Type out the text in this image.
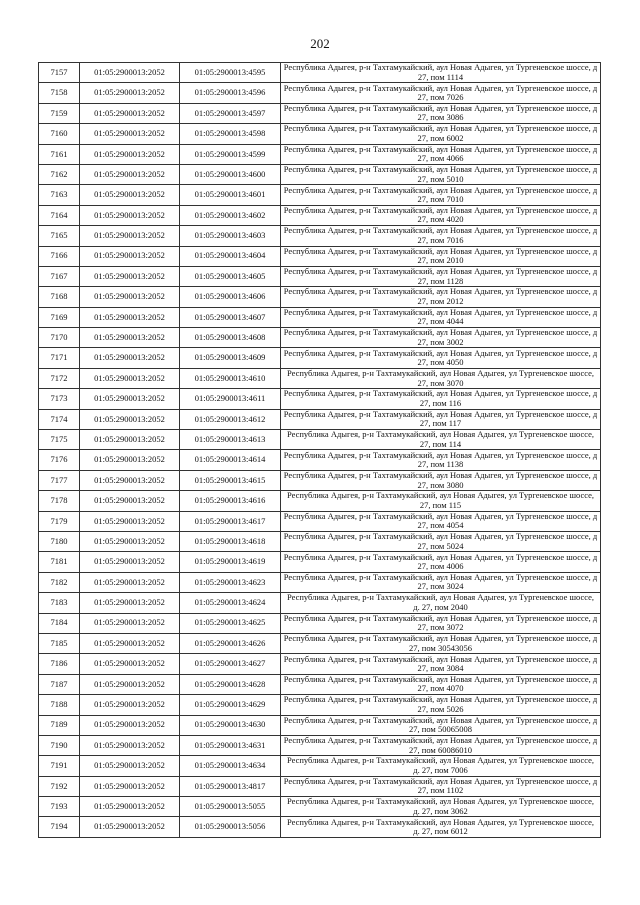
202
7157	01:05:2900013:2052	01:05:2900013:4595	Республика Адыгея, р-н Тахтамукайский, аул Новая Адыгея, ул Тургеневское шоссе, д 27, пом 1114
7158	01:05:2900013:2052	01:05:2900013:4596	Республика Адыгея, р-н Тахтамукайский, аул Новая Адыгея, ул Тургеневское шоссе, д 27, пом 7026
7159	01:05:2900013:2052	01:05:2900013:4597	Республика Адыгея, р-н Тахтамукайский, аул Новая Адыгея, ул Тургеневское шоссе, д 27, пом 3086
7160	01:05:2900013:2052	01:05:2900013:4598	Республика Адыгея, р-н Тахтамукайский, аул Новая Адыгея, ул Тургеневское шоссе, д 27, пом 6002
7161	01:05:2900013:2052	01:05:2900013:4599	Республика Адыгея, р-н Тахтамукайский, аул Новая Адыгея, ул Тургеневское шоссе, д 27, пом 4066
7162	01:05:2900013:2052	01:05:2900013:4600	Республика Адыгея, р-н Тахтамукайский, аул Новая Адыгея, ул Тургеневское шоссе, д 27, пом 5010
7163	01:05:2900013:2052	01:05:2900013:4601	Республика Адыгея, р-н Тахтамукайский, аул Новая Адыгея, ул Тургеневское шоссе, д 27, пом 7010
7164	01:05:2900013:2052	01:05:2900013:4602	Республика Адыгея, р-н Тахтамукайский, аул Новая Адыгея, ул Тургеневское шоссе, д 27, пом 4020
7165	01:05:2900013:2052	01:05:2900013:4603	Республика Адыгея, р-н Тахтамукайский, аул Новая Адыгея, ул Тургеневское шоссе, д 27, пом 7016
7166	01:05:2900013:2052	01:05:2900013:4604	Республика Адыгея, р-н Тахтамукайский, аул Новая Адыгея, ул Тургеневское шоссе, д 27, пом 2010
7167	01:05:2900013:2052	01:05:2900013:4605	Республика Адыгея, р-н Тахтамукайский, аул Новая Адыгея, ул Тургеневское шоссе, д 27, пом 1128
7168	01:05:2900013:2052	01:05:2900013:4606	Республика Адыгея, р-н Тахтамукайский, аул Новая Адыгея, ул Тургеневское шоссе, д 27, пом 2012
7169	01:05:2900013:2052	01:05:2900013:4607	Республика Адыгея, р-н Тахтамукайский, аул Новая Адыгея, ул Тургеневское шоссе, д 27, пом 4044
7170	01:05:2900013:2052	01:05:2900013:4608	Республика Адыгея, р-н Тахтамукайский, аул Новая Адыгея, ул Тургеневское шоссе, д 27, пом 3002
7171	01:05:2900013:2052	01:05:2900013:4609	Республика Адыгея, р-н Тахтамукайский, аул Новая Адыгея, ул Тургеневское шоссе, д 27, пом 4050
7172	01:05:2900013:2052	01:05:2900013:4610	Республика Адыгея, р-н Тахтамукайский, аул Новая Адыгея, ул Тургеневское шоссе, 27, пом 3070
7173	01:05:2900013:2052	01:05:2900013:4611	Республика Адыгея, р-н Тахтамукайский, аул Новая Адыгея, ул Тургеневское шоссе, д 27, пом 116
7174	01:05:2900013:2052	01:05:2900013:4612	Республика Адыгея, р-н Тахтамукайский, аул Новая Адыгея, ул Тургеневское шоссе, д 27, пом 117
7175	01:05:2900013:2052	01:05:2900013:4613	Республика Адыгея, р-н Тахтамукайский, аул Новая Адыгея, ул Тургеневское шоссе, 27, пом 114
7176	01:05:2900013:2052	01:05:2900013:4614	Республика Адыгея, р-н Тахтамукайский, аул Новая Адыгея, ул Тургеневское шоссе, д 27, пом 1138
7177	01:05:2900013:2052	01:05:2900013:4615	Республика Адыгея, р-н Тахтамукайский, аул Новая Адыгея, ул Тургеневское шоссе, д 27, пом 3080
7178	01:05:2900013:2052	01:05:2900013:4616	Республика Адыгея, р-н Тахтамукайский, аул Новая Адыгея, ул Тургеневское шоссе, 27, пом 115
7179	01:05:2900013:2052	01:05:2900013:4617	Республика Адыгея, р-н Тахтамукайский, аул Новая Адыгея, ул Тургеневское шоссе, д 27, пом 4054
7180	01:05:2900013:2052	01:05:2900013:4618	Республика Адыгея, р-н Тахтамукайский, аул Новая Адыгея, ул Тургеневское шоссе, д 27, пом 5024
7181	01:05:2900013:2052	01:05:2900013:4619	Республика Адыгея, р-н Тахтамукайский, аул Новая Адыгея, ул Тургеневское шоссе, д 27, пом 4006
7182	01:05:2900013:2052	01:05:2900013:4623	Республика Адыгея, р-н Тахтамукайский, аул Новая Адыгея, ул Тургеневское шоссе, д 27, пом 3024
7183	01:05:2900013:2052	01:05:2900013:4624	Республика Адыгея, р-н Тахтамукайский, аул Новая Адыгея, ул Тургеневское шоссе, д. 27, пом 2040
7184	01:05:2900013:2052	01:05:2900013:4625	Республика Адыгея, р-н Тахтамукайский, аул Новая Адыгея, ул Тургеневское шоссе, д 27, пом 3072
7185	01:05:2900013:2052	01:05:2900013:4626	Республика Адыгея, р-н Тахтамукайский, аул Новая Адыгея, ул Тургеневское шоссе, д 27, пом 30543056
7186	01:05:2900013:2052	01:05:2900013:4627	Республика Адыгея, р-н Тахтамукайский, аул Новая Адыгея, ул Тургеневское шоссе, д 27, пом 3084
7187	01:05:2900013:2052	01:05:2900013:4628	Республика Адыгея, р-н Тахтамукайский, аул Новая Адыгея, ул Тургеневское шоссе, д 27, пом 4070
7188	01:05:2900013:2052	01:05:2900013:4629	Республика Адыгея, р-н Тахтамукайский, аул Новая Адыгея, ул Тургеневское шоссе, д 27, пом 5026
7189	01:05:2900013:2052	01:05:2900013:4630	Республика Адыгея, р-н Тахтамукайский, аул Новая Адыгея, ул Тургеневское шоссе, д 27, пом 50065008
7190	01:05:2900013:2052	01:05:2900013:4631	Республика Адыгея, р-н Тахтамукайский, аул Новая Адыгея, ул Тургеневское шоссе, д 27, пом 60086010
7191	01:05:2900013:2052	01:05:2900013:4634	Республика Адыгея, р-н Тахтамукайский, аул Новая Адыгея, ул Тургеневское шоссе, д. 27, пом 7006
7192	01:05:2900013:2052	01:05:2900013:4817	Республика Адыгея, р-н Тахтамукайский, аул Новая Адыгея, ул Тургеневское шоссе, д 27, пом 1102
7193	01:05:2900013:2052	01:05:2900013:5055	Республика Адыгея, р-н Тахтамукайский, аул Новая Адыгея, ул Тургеневское шоссе, д. 27, пом 3062
7194	01:05:2900013:2052	01:05:2900013:5056	Республика Адыгея, р-н Тахтамукайский, аул Новая Адыгея, ул Тургеневское шоссе, д. 27, пом 6012
